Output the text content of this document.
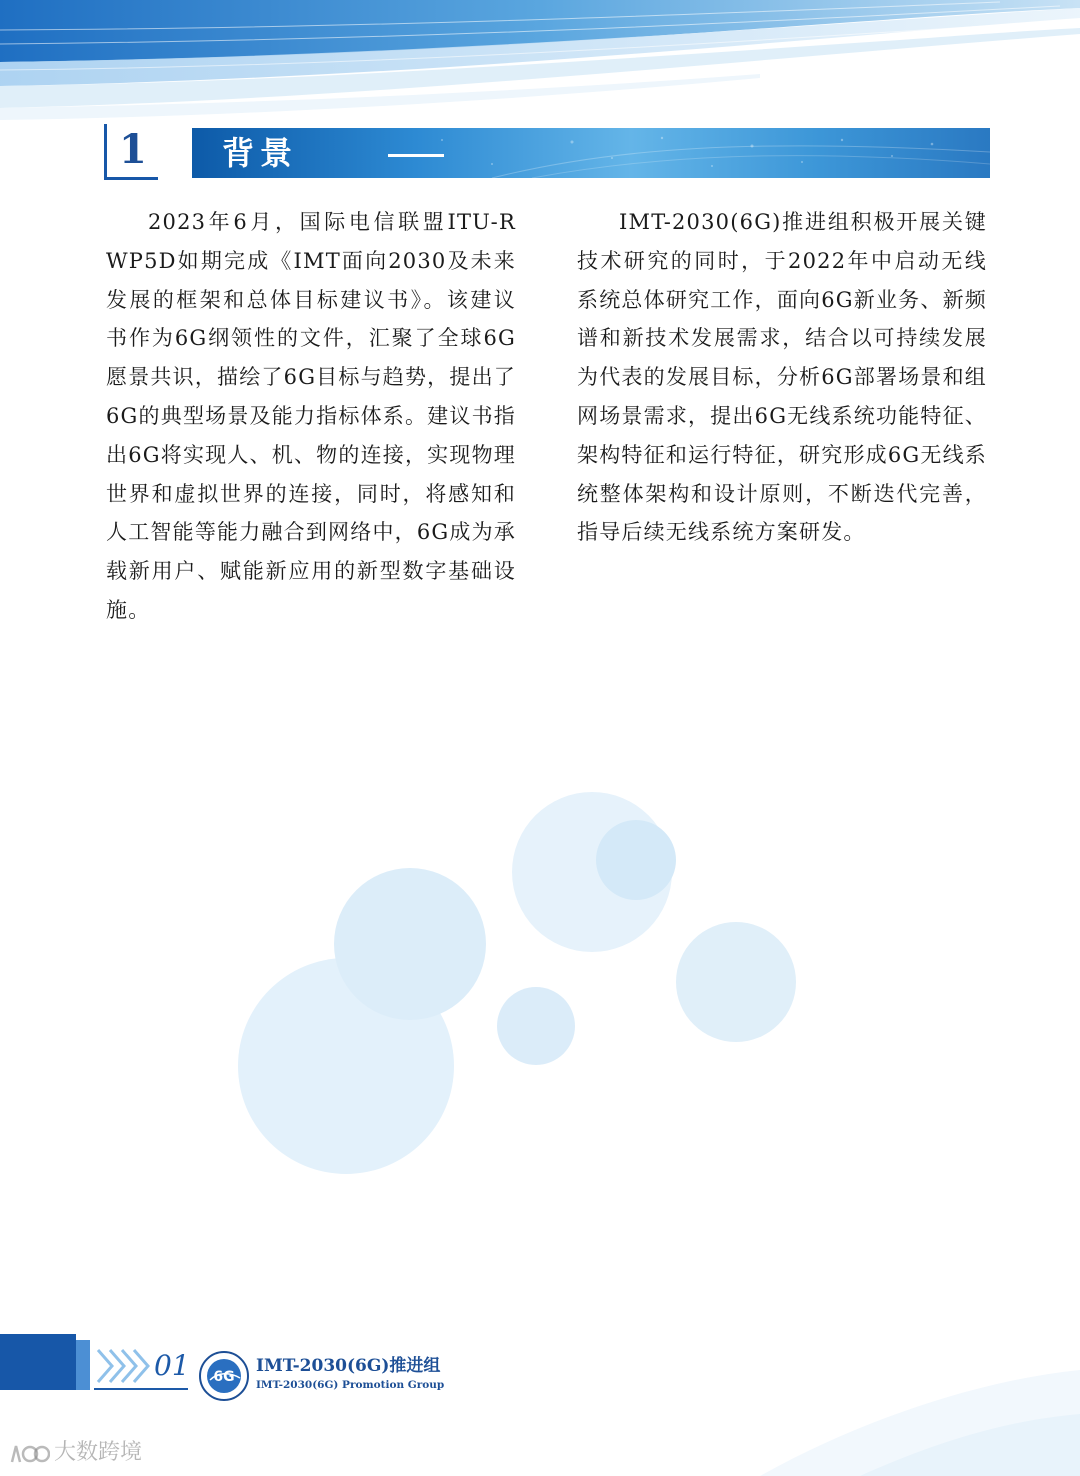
1 背景

2023年6月，国际电信联盟ITU-R WP5D如期完成《IMT面向2030及未来发展的框架和总体目标建议书》。该建议书作为6G纲领性的文件，汇聚了全球6G愿景共识，描绘了6G目标与趋势，提出了6G的典型场景及能力指标体系。建议书指出6G将实现人、机、物的连接，实现物理世界和虚拟世界的连接，同时，将感知和人工智能等能力融合到网络中，6G成为承载新用户、赋能新应用的新型数字基础设施。

IMT-2030(6G)推进组积极开展关键技术研究的同时，于2022年中启动无线系统总体研究工作，面向6G新业务、新频谱和新技术发展需求，结合以可持续发展为代表的发展目标，分析6G部署场景和组网场景需求，提出6G无线系统功能特征、架构特征和运行特征，研究形成6G无线系统整体架构和设计原则，不断迭代完善，指导后续无线系统方案研发。

01 6G
IMT-2030(6G)推进组
IMT-2030(6G) Promotion Group
大数跨境
